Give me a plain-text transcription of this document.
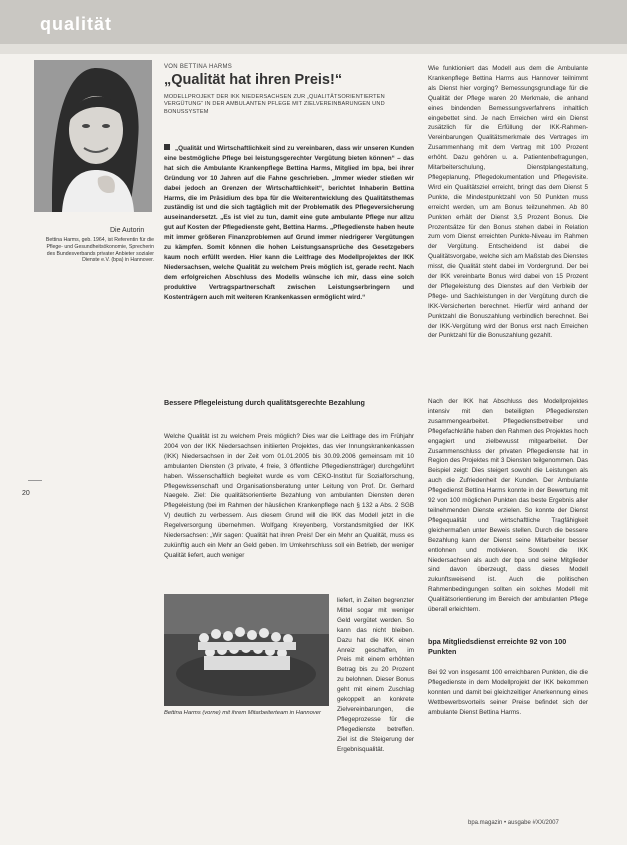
qualität
Die Autorin
Bettina Harms, geb. 1964, ist Referentin für die Pflege- und Gesundheitsökonomie, Sprecherin des Bundesverbands privater Anbieter sozialer Dienste e.V. (bpa) in Hannover.
20
VON BETTINA HARMS
„Qualität hat ihren Preis!“
MODELLPROJEKT DER IKK NIEDERSACHSEN ZUR „QUALITÄTSORIENTIERTEN VERGÜTUNG“ IN DER AMBULANTEN PFLEGE MIT ZIELVEREINBARUNGEN UND BONUSSYSTEM

„Qualität und Wirtschaftlichkeit sind zu vereinbaren, dass wir unseren Kunden eine bestmögliche Pflege bei leistungsgerechter Vergütung bieten können“ – das hat sich die Ambulante Krankenpflege Bettina Harms, Mitglied im bpa, bei ihrer Gründung vor 10 Jahren auf die Fahne geschrieben. „Immer wieder stießen wir dabei jedoch an Grenzen der Wirtschaftlichkeit“, berichtet Inhaberin Bettina Harms, die im Präsidium des bpa für die Weiterentwicklung des Qualitätsthemas zuständig ist und die sich tagtäglich mit der Problematik des Pflegeversicherung auseinandersetzt. „Es ist viel zu tun, damit eine gute ambulante Pflege nur allzu gut auf Kosten der Pflegedienste geht, Bettina Harms. „Pflegedienste haben heute mit immer größeren Finanzproblemen auf Grund immer niedrigerer Vergütungen zu kämpfen. Somit können die hohen Leistungsansprüche des Gesetzgebers kaum noch erfüllt werden. Hier kann die Leitfrage des Modellprojektes der IKK Niedersachsen, welche Qualität zu welchem Preis möglich ist, gerade recht. Nach dem erfolgreichen Abschluss des Modells wünsche ich mir, dass eine solch produktive Vertragspartnerschaft zwischen Leistungserbringern und Kostenträgern auch mit weiteren Krankenkassen ermöglicht wird.“

Bessere Pflegeleistung durch qualitätsgerechte Bezahlung

Welche Qualität ist zu welchem Preis möglich? Dies war die Leitfrage des im Frühjahr 2004 von der IKK Niedersachsen initiierten Projektes, das vier Innungskrankenkassen (IKK) Niedersachsen in der Zeit vom 01.01.2005 bis 30.09.2006 gemeinsam mit 10 ambulanten Diensten (3 private, 4 freie, 3 öffentliche Pflegedienstträger) durchgeführt haben. Wissenschaftlich begleitet wurde es vom CEKO-Institut für Sozialforschung, Pflegewissenschaft und Organisationsberatung unter Leitung von Prof. Dr. Gerhard Naegele. Ziel: Die qualitätsorientierte Bezahlung von ambulanten Diensten deren Pflegeleistung (bei im Rahmen der häuslichen Krankenpflege nach § 132 a Abs. 2 SGB V) deutlich zu verbessern. Aus diesem Grund will die IKK das Modell jetzt in die Regelversorgung übernehmen. Wolfgang Kreyenberg, Vorstandsmitglied der IKK Niedersachsen: „Wir sagen: Qualität hat ihren Preis! Der ein Mehr an Qualität, muss es zukünftig auch ein Mehr an Geld geben. Im Umkehrschluss soll ein Betrieb, der weniger Qualität liefert, auch weniger

Bettina Harms (vorne) mit ihrem Mitarbeiterteam in Hannover

liefert, in Zeiten begrenzter Mittel sogar mit weniger Geld vergütet werden. So kann das nicht bleiben. Dazu hat die IKK einen Anreiz geschaffen, im Preis mit einem erhöhten Betrag bis zu 20 Prozent zu belohnen. Dieser Bonus geht mit einem Zuschlag gekoppelt an konkrete Zielvereinbarungen, die Pflegeprozesse für die Pflegedienste betreffen. Ziel ist die Steigerung der Ergebnisqualität.

Wie funktioniert das Modell aus dem die Ambulante Krankenpflege Bettina Harms aus Hannover teilnimmt als Dienst hier vorging? Bemessungsgrundlage für die Qualität der Pflege waren 20 Merkmale, die anhand eines bindenden Bemessungsverfahrens inhaltlich eingebettet sind. Je nach Erreichen wird ein Dienst zusätzlich für die Erfüllung der IKK-Rahmen-Vereinbarungen Qualitätsmerkmale des Vertrages im Zusammenhang mit dem Vertrag mit 100 Prozent erhöht. Dazu gehören u. a. Patientenbefragungen, Mitarbeiterschulung, Dienstplangestaltung, Pflegeplanung, Pflegedokumentation und Pflegevisite. Wird ein Qualitätsziel erreicht, bringt das dem Dienst 5 Punkte, die Mindestpunktzahl von 50 Punkten muss erreicht werden, um am Bonus teilzunehmen. Ab 80 Punkten erhält der Dienst 3,5 Prozent Bonus. Die Prozentsätze für den Bonus stehen dabei in Relation zum vom Dienst erreichten Punkte-Niveau im Rahmen der Vergütung. Entscheidend ist dabei die Qualitätsvorgabe, welche sich am Maßstab des Dienstes misst, die Qualität steht dabei im Vordergrund. Der bei der IKK vereinbarte Bonus wird dabei von 15 Prozent der Pflegeleistung des Dienstes auf den Verbleib der Pflege- und Sachleistungen in der Vergütung durch die IKK-Versicherten berechnet. Hierfür wird anhand der Punktzahl die Bonuszahlung verbindlich berechnet. Bei der IKK-Vergütung wird der Bonus erst nach Erreichen der Punktzahl für die Bonuszahlung gezahlt.

Nach der IKK hat Abschluss des Modellprojektes intensiv mit den beteiligten Pflegediensten zusammengearbeitet. Pflegedienstbetreiber und Pflegefachkräfte haben den Rahmen des Projektes hoch engagiert und zielbewusst mitgearbeitet. Der Zusammenschluss der privaten Pflegedienste hat in Region des Projektes mit 3 Diensten teilgenommen. Das Beispiel zeigt: Dies steigert sowohl die Leistungen als auch die Zufriedenheit der Kunden. Der Ambulante Pflegedienst Bettina Harms konnte in der Bewertung mit 92 von 100 möglichen Punkten das beste Ergebnis aller teilnehmenden Dienste erzielen. So konnte der Dienst Pflegequalität und wirtschaftliche Tragfähigkeit gleichermaßen unter Beweis stellen. Durch die bessere Bezahlung kann der Dienst seine Mitarbeiter besser entlohnen und motivieren. Sowohl die IKK Niedersachsen als auch der bpa und seine Mitglieder sind davon überzeugt, dass dieses Modell zukunftsweisend ist. Auch die politischen Rahmenbedingungen sollten ein solches Modell mit Qualitätsorientierung im Bereich der ambulanten Pflege überall erleichtern.

bpa Mitgliedsdienst erreichte 92 von 100 Punkten

Bei 92 von insgesamt 100 erreichbaren Punkten, die die Pflegedienste in dem Modellprojekt der IKK bekommen konnten und damit bei gleichzeitiger Anerkennung eines Wettbewerbsvorteils seiner Preise befindet sich der ambulante Dienst Bettina Harms.

bpa.magazin • ausgabe #XX/2007
